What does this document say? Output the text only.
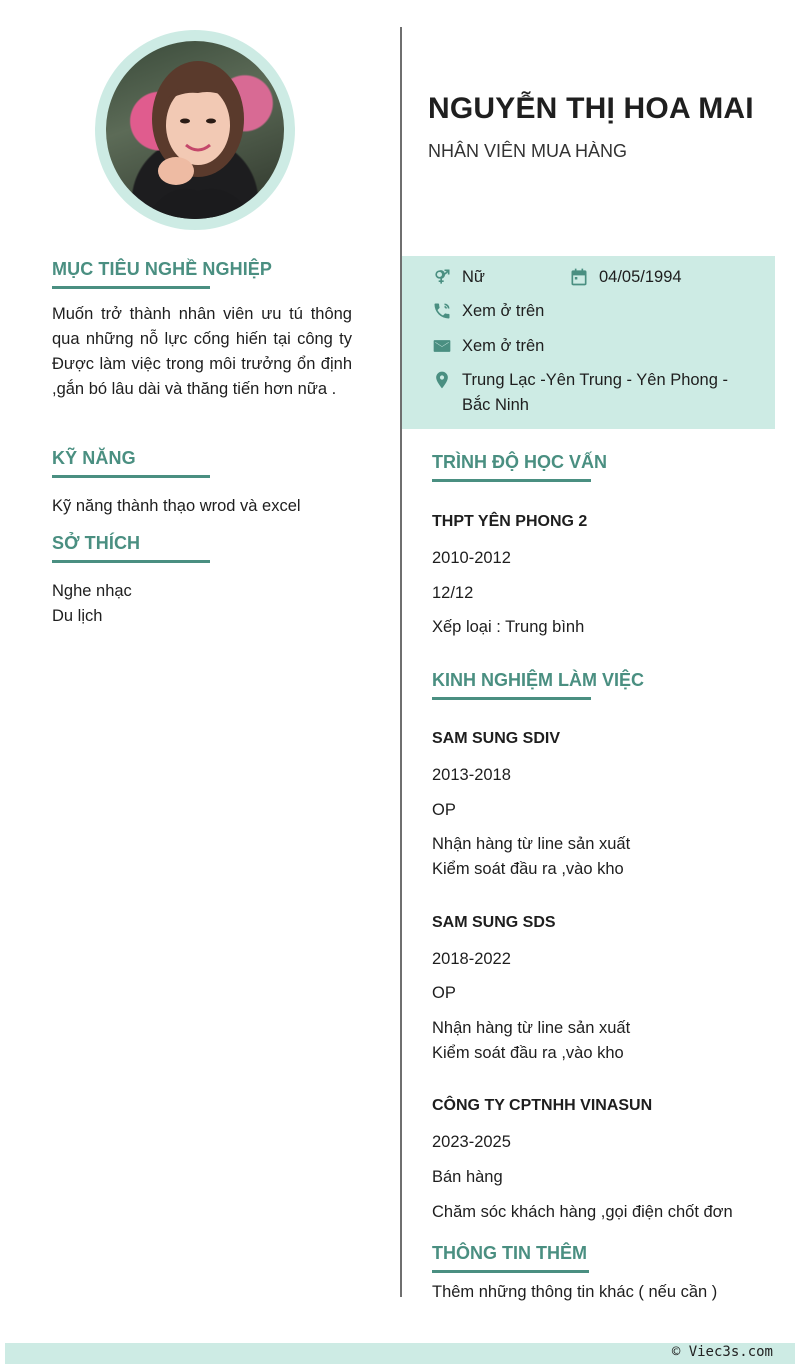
MỤC TIÊU NGHỀ NGHIỆP
Muốn trở thành nhân viên ưu tú thông qua những nỗ lực cống hiến tại công ty Được làm việc trong môi trưởng ổn định ,gắn bó lâu dài và thăng tiến hơn nữa .
KỸ NĂNG
Kỹ năng thành thạo wrod và excel
SỞ THÍCH
Nghe nhạc
Du lịch
NGUYỄN THỊ HOA MAI
NHÂN VIÊN MUA HÀNG
Nữ	04/05/1994
Xem ở trên
Xem ở trên
Trung Lạc -Yên Trung - Yên Phong -
Bắc Ninh
TRÌNH ĐỘ HỌC VẤN
THPT YÊN PHONG 2
2010-2012
12/12
Xếp loại : Trung bình
KINH NGHIỆM LÀM VIỆC
SAM SUNG SDIV
2013-2018
OP
Nhận hàng từ line sản xuất
Kiểm soát đầu ra ,vào kho
SAM SUNG SDS
2018-2022
OP
Nhận hàng từ line sản xuất
Kiểm soát đầu ra ,vào kho
CÔNG TY CPTNHH VINASUN
2023-2025
Bán hàng
Chăm sóc khách hàng ,gọi điện chốt đơn
THÔNG TIN THÊM
Thêm những thông tin khác ( nếu cần )
© Viec3s.com
